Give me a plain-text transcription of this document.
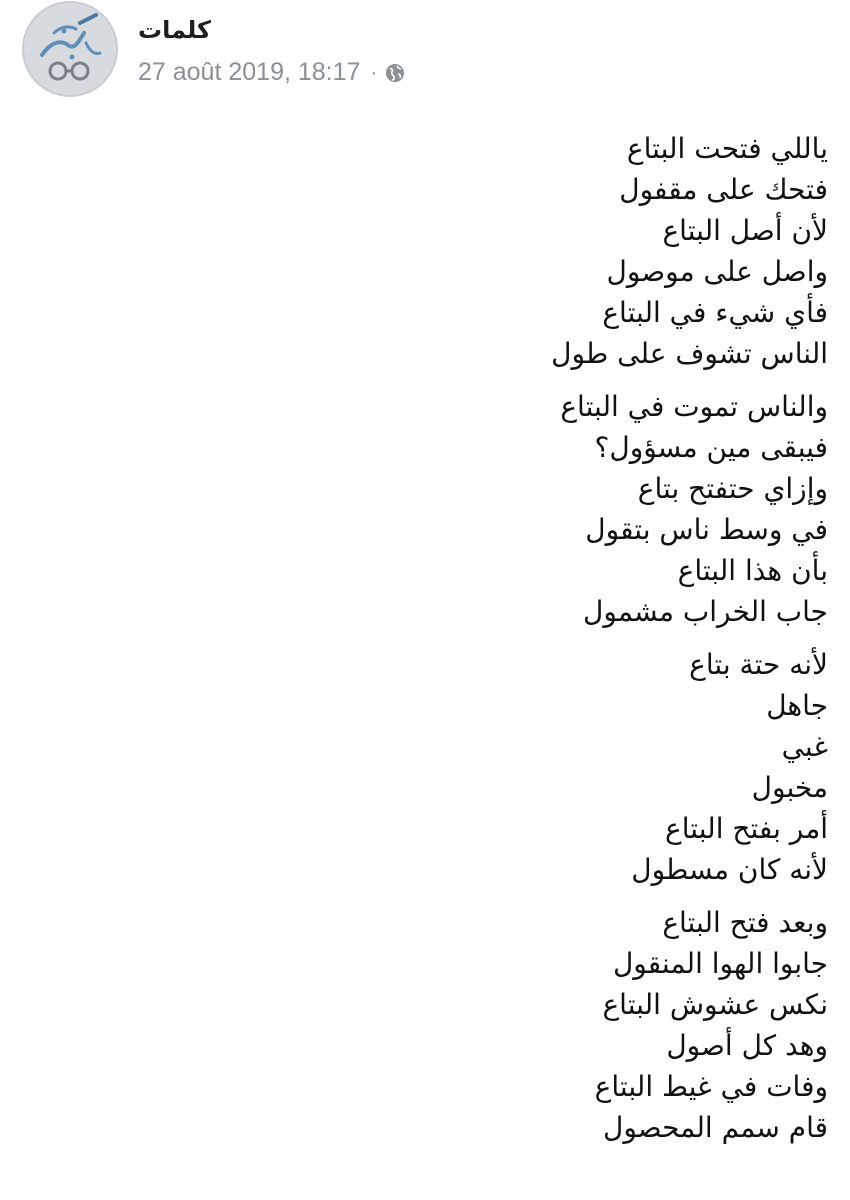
كلمات
27 août 2019, 18:17 ·
ياللي فتحت البتاع
فتحك على مقفول
لأن أصل البتاع
واصل على موصول
فأي شيء في البتاع
الناس تشوف على طول
والناس تموت في البتاع
فيبقى مين مسؤول؟
وإزاي حتفتح بتاع
في وسط ناس بتقول
بأن هذا البتاع
جاب الخراب مشمول
لأنه حتة بتاع
جاهل
غبي
مخبول
أمر بفتح البتاع
لأنه كان مسطول
وبعد فتح البتاع
جابوا الهوا المنقول
نكس عشوش البتاع
وهد كل أصول
وفات في غيط البتاع
قام سمم المحصول
